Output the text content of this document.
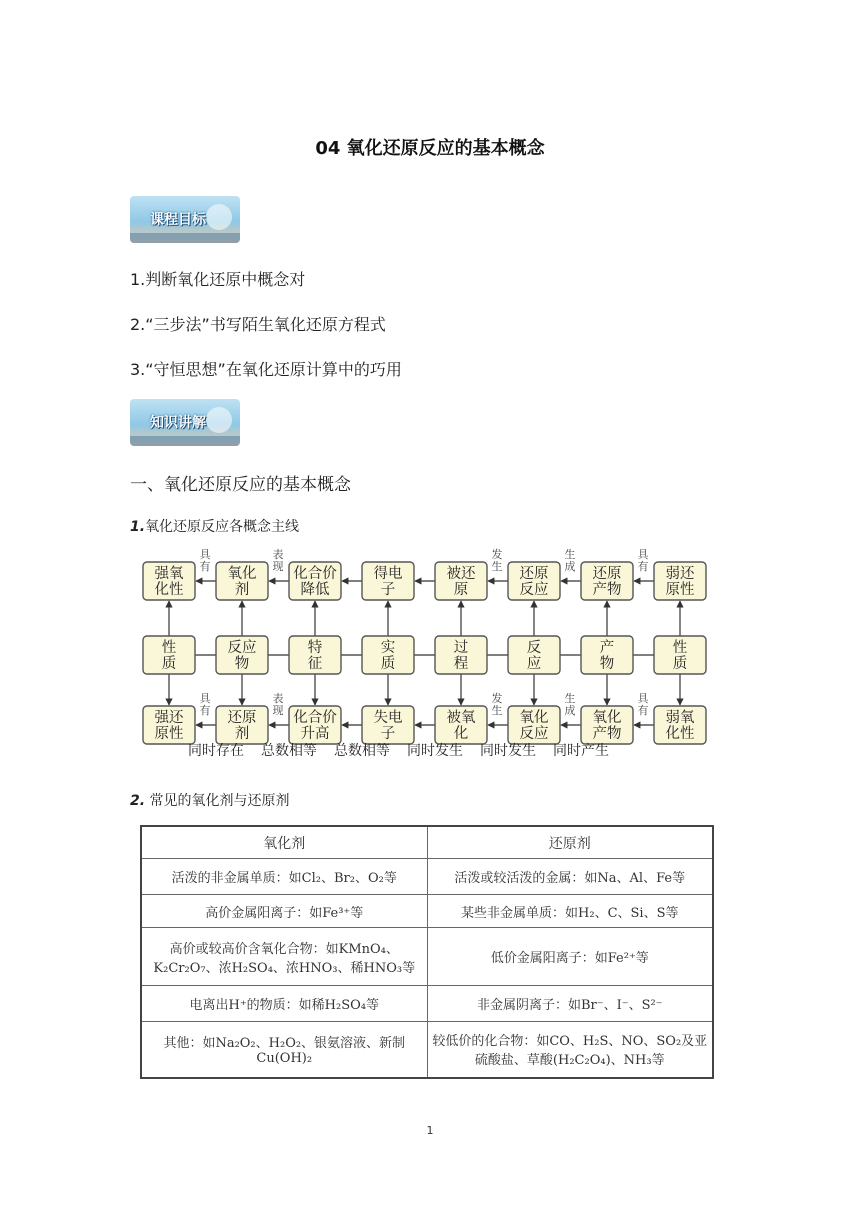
04 氧化还原反应的基本概念
课程目标
1.判断氧化还原中概念对
2.“三步法”书写陌生氧化还原方程式
3.“守恒思想”在氧化还原计算中的巧用
知识讲解
一、氧化还原反应的基本概念
1.氧化还原反应各概念主线
强氧
化性
氧化
剂
化合价
降低
得电
子
被还
原
还原
反应
还原
产物
弱还
原性
性
质
反应
物
特
征
实
质
过
程
反
应
产
物
性
质
强还
原性
还原
剂
化合价
升高
失电
子
被氧
化
氧化
反应
氧化
产物
弱氧
化性
具
有
具
有
表
现
表
现
发
生
发
生
生
成
生
成
具
有
具
有
同时存在 总数相等 总数相等 同时发生 同时发生 同时产生
2. 常见的氧化剂与还原剂
氧化剂	还原剂
活泼的非金属单质：如Cl₂、Br₂、O₂等	活泼或较活泼的金属：如Na、Al、Fe等
高价金属阳离子：如Fe³⁺等	某些非金属单质：如H₂、C、Si、S等
高价或较高价含氧化合物：如KMnO₄、K₂Cr₂O₇、浓H₂SO₄、浓HNO₃、稀HNO₃等	低价金属阳离子：如Fe²⁺等
电离出H⁺的物质：如稀H₂SO₄等	非金属阴离子：如Br⁻、I⁻、S²⁻
其他：如Na₂O₂、H₂O₂、银氨溶液、新制Cu(OH)₂	较低价的化合物：如CO、H₂S、NO、SO₂及亚硫酸盐、草酸(H₂C₂O₄)、NH₃等
1
